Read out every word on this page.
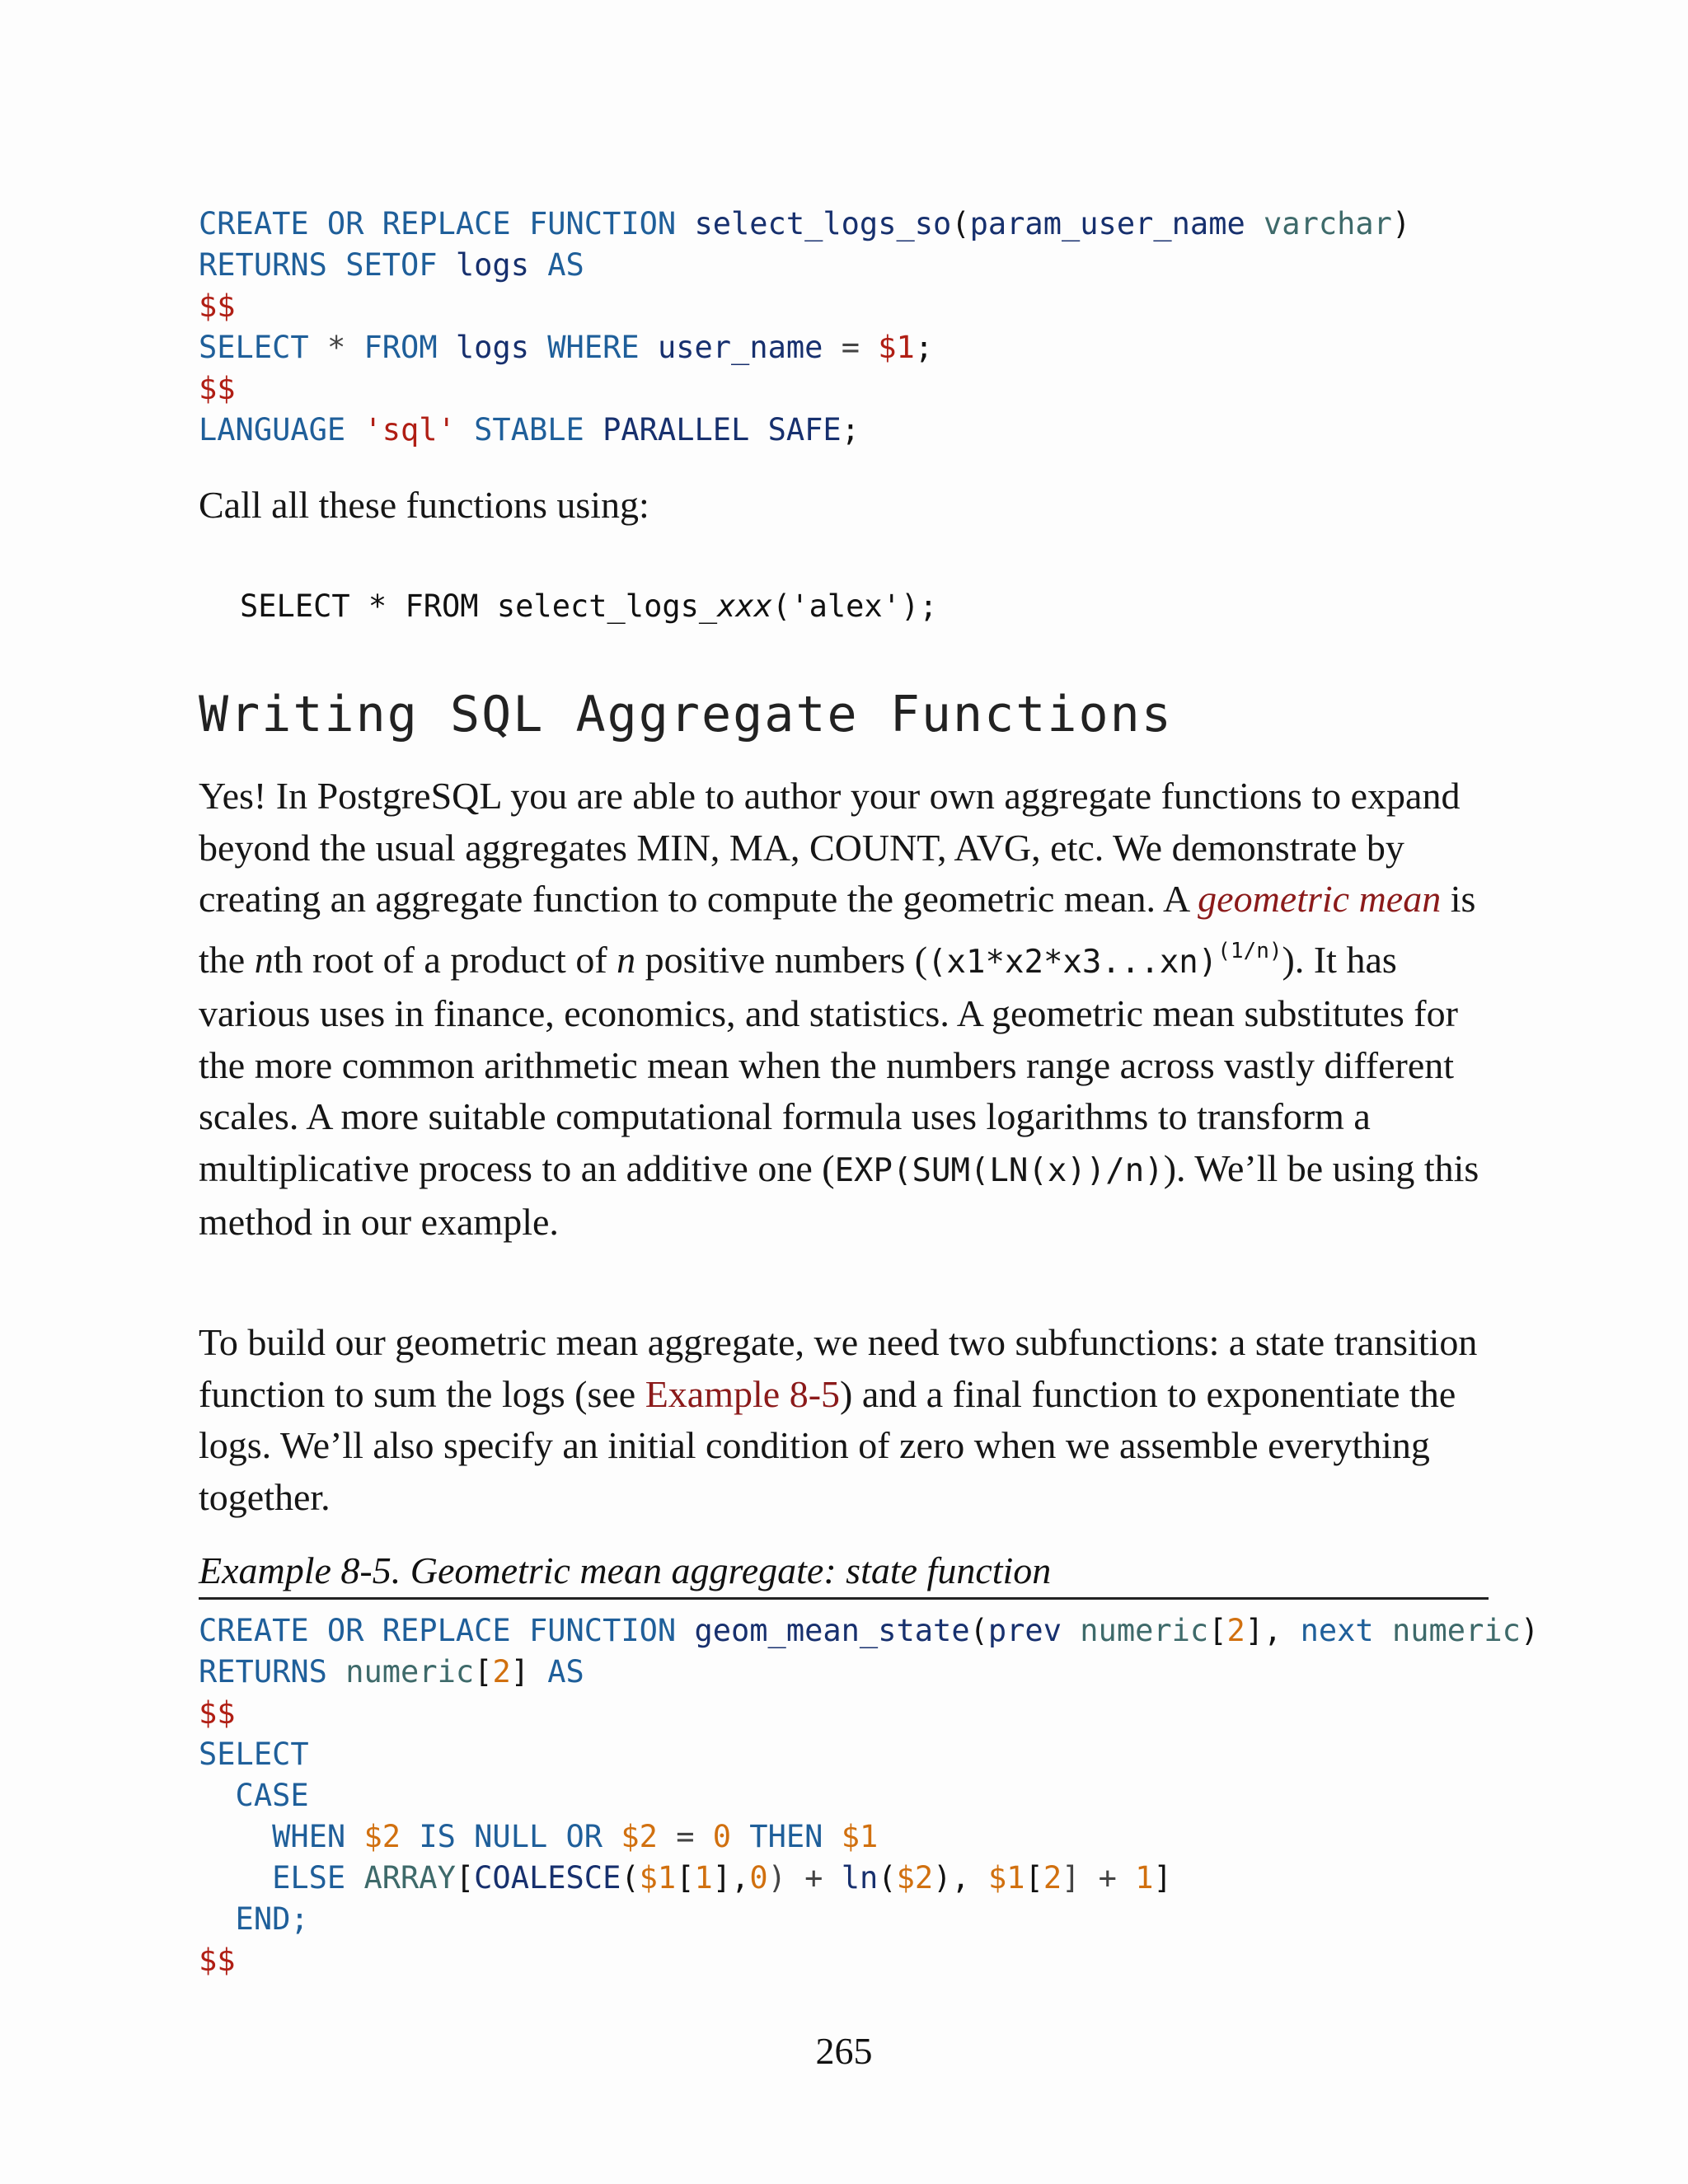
CREATE OR REPLACE FUNCTION select_logs_so(param_user_name varchar)
RETURNS SETOF logs AS
$$
SELECT * FROM logs WHERE user_name = $1;
$$
LANGUAGE 'sql' STABLE PARALLEL SAFE;

Call all these functions using:

SELECT * FROM select_logs_xxx('alex');
Writing SQL Aggregate Functions

Yes! In PostgreSQL you are able to author your own aggregate functions to expand beyond the usual aggregates MIN, MA, COUNT, AVG, etc. We demonstrate by creating an aggregate function to compute the geometric mean. A geometric mean is the nth root of a product of n positive numbers $((x1*x2*x3...xn)^{(1/n)})$. It has various uses in finance, economics, and statistics. A geometric mean substitutes for the more common arithmetic mean when the numbers range across vastly different scales. A more suitable computational formula uses logarithms to transform a multiplicative process to an additive one (EXP(SUM(LN(x))/n)). We’ll be using this method in our example.

To build our geometric mean aggregate, we need two subfunctions: a state transition function to sum the logs (see Example 8-5) and a final function to exponentiate the logs. We’ll also specify an initial condition of zero when we assemble everything together.

Example 8-5. Geometric mean aggregate: state function

CREATE OR REPLACE FUNCTION geom_mean_state(prev numeric[2], next numeric)
RETURNS numeric[2] AS
$$
SELECT
CASE
WHEN $2 IS NULL OR $2 = 0 THEN $1
ELSE ARRAY[COALESCE($1[1],0) + ln($2), $1[2] + 1]
END;
$$
265
